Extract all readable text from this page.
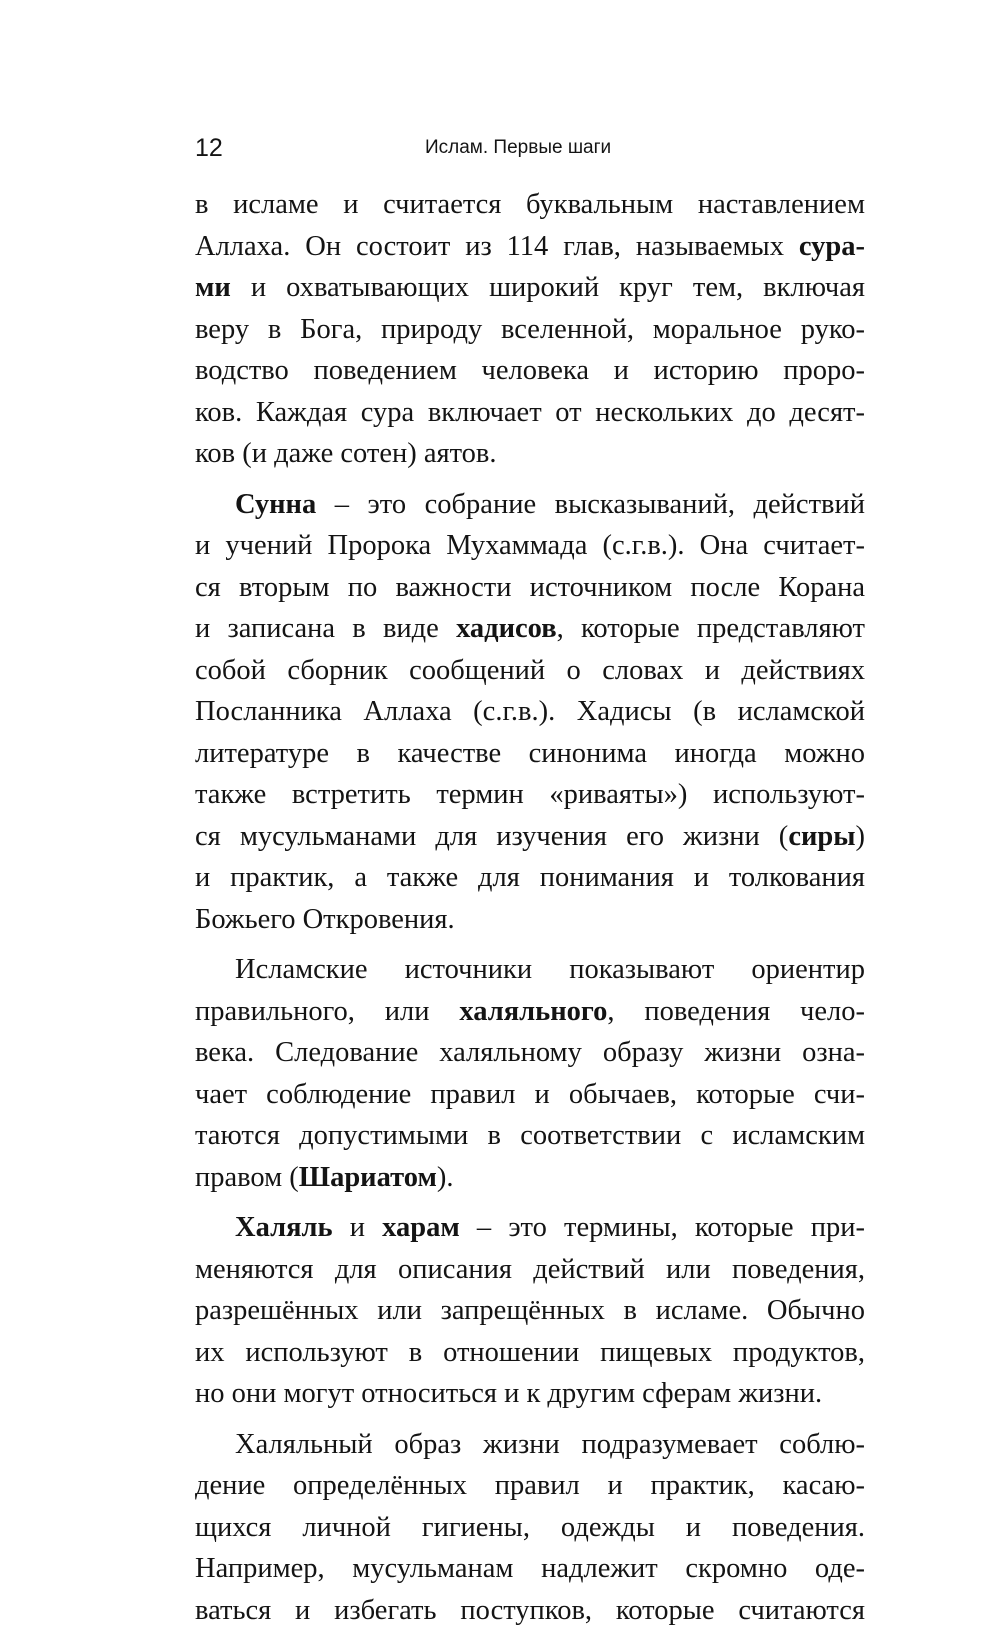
12	Ислам. Первые шаги
в исламе и считается буквальным наставлением
Аллаха. Он состоит из 114 глав, называемых сура-
ми и охватывающих широкий круг тем, включая
веру в Бога, природу вселенной, моральное руко-
водство поведением человека и историю проро-
ков. Каждая сура включает от нескольких до десят-
ков (и даже сотен) аятов.
Сунна – это собрание высказываний, действий
и учений Пророка Мухаммада (с.г.в.). Она считает-
ся вторым по важности источником после Корана
и записана в виде хадисов, которые представляют
собой сборник сообщений о словах и действиях
Посланника Аллаха (с.г.в.). Хадисы (в исламской
литературе в качестве синонима иногда можно
также встретить термин «риваяты») используют-
ся мусульманами для изучения его жизни (сиры)
и практик, а также для понимания и толкования
Божьего Откровения.
Исламские источники показывают ориентир
правильного, или халяльного, поведения чело-
века. Следование халяльному образу жизни озна-
чает соблюдение правил и обычаев, которые счи-
таются допустимыми в соответствии с исламским
правом (Шариатом).
Халяль и харам – это термины, которые при-
меняются для описания действий или поведения,
разрешённых или запрещённых в исламе. Обычно
их используют в отношении пищевых продуктов,
но они могут относиться и к другим сферам жизни.
Халяльный образ жизни подразумевает соблю-
дение определённых правил и практик, касаю-
щихся личной гигиены, одежды и поведения.
Например, мусульманам надлежит скромно оде-
ваться и избегать поступков, которые считаются
